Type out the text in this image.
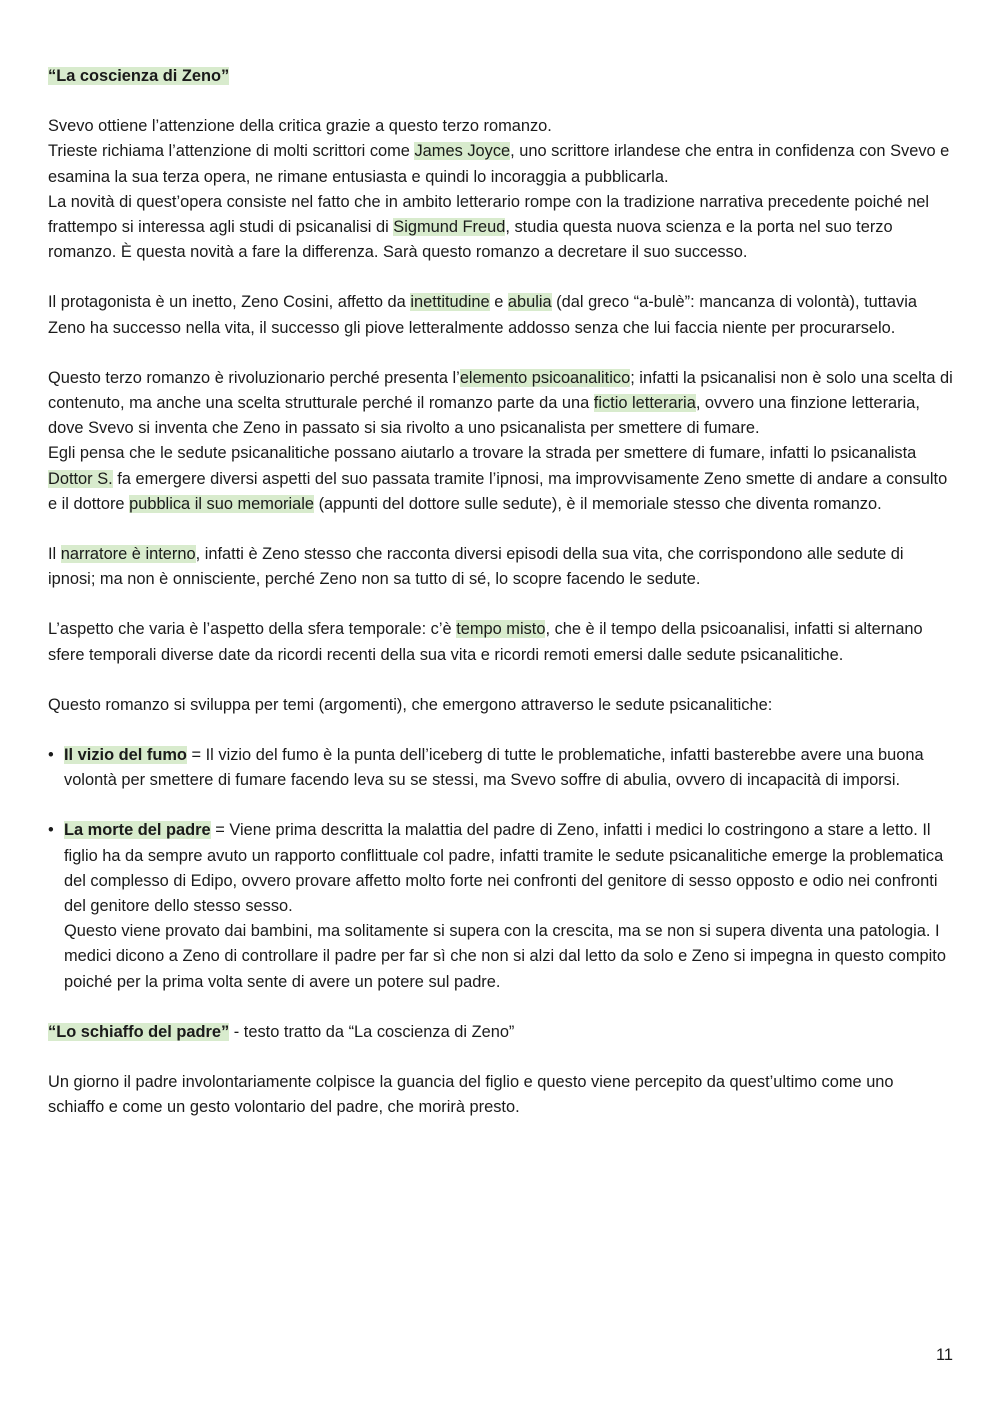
“La coscienza di Zeno”

Svevo ottiene l’attenzione della critica grazie a questo terzo romanzo.
Trieste richiama l’attenzione di molti scrittori come James Joyce, uno scrittore irlandese che entra in confidenza con Svevo e esamina la sua terza opera, ne rimane entusiasta e quindi lo incoraggia a pubblicarla.
La novità di quest’opera consiste nel fatto che in ambito letterario rompe con la tradizione narrativa precedente poiché nel frattempo si interessa agli studi di psicanalisi di Sigmund Freud, studia questa nuova scienza e la porta nel suo terzo romanzo. È questa novità a fare la differenza. Sarà questo romanzo a decretare il suo successo.

Il protagonista è un inetto, Zeno Cosini, affetto da inettitudine e abulia (dal greco “a-bulè”: mancanza di volontà), tuttavia Zeno ha successo nella vita, il successo gli piove letteralmente addosso senza che lui faccia niente per procurarselo.

Questo terzo romanzo è rivoluzionario perché presenta l’elemento psicoanalitico; infatti la psicanalisi non è solo una scelta di contenuto, ma anche una scelta strutturale perché il romanzo parte da una fictio letteraria, ovvero una finzione letteraria, dove Svevo si inventa che Zeno in passato si sia rivolto a uno psicanalista per smettere di fumare.
Egli pensa che le sedute psicanalitiche possano aiutarlo a trovare la strada per smettere di fumare, infatti lo psicanalista Dottor S. fa emergere diversi aspetti del suo passata tramite l’ipnosi, ma improvvisamente Zeno smette di andare a consulto e il dottore pubblica il suo memoriale (appunti del dottore sulle sedute), è il memoriale stesso che diventa romanzo.

Il narratore è interno, infatti è Zeno stesso che racconta diversi episodi della sua vita, che corrispondono alle sedute di ipnosi; ma non è onnisciente, perché Zeno non sa tutto di sé, lo scopre facendo le sedute.

L’aspetto che varia è l’aspetto della sfera temporale: c’è tempo misto, che è il tempo della psicoanalisi, infatti si alternano sfere temporali diverse date da ricordi recenti della sua vita e ricordi remoti emersi dalle sedute psicanalitiche.

Questo romanzo si sviluppa per temi (argomenti), che emergono attraverso le sedute psicanalitiche:

• Il vizio del fumo = Il vizio del fumo è la punta dell’iceberg di tutte le problematiche, infatti basterebbe avere una buona volontà per smettere di fumare facendo leva su se stessi, ma Svevo soffre di abulia, ovvero di incapacità di imporsi.

• La morte del padre = Viene prima descritta la malattia del padre di Zeno, infatti i medici lo costringono a stare a letto. Il figlio ha da sempre avuto un rapporto conflittuale col padre, infatti tramite le sedute psicanalitiche emerge la problematica del complesso di Edipo, ovvero provare affetto molto forte nei confronti del genitore di sesso opposto e odio nei confronti del genitore dello stesso sesso.
Questo viene provato dai bambini, ma solitamente si supera con la crescita, ma se non si supera diventa una patologia. I medici dicono a Zeno di controllare il padre per far sì che non si alzi dal letto da solo e Zeno si impegna in questo compito poiché per la prima volta sente di avere un potere sul padre.

“Lo schiaffo del padre” - testo tratto da “La coscienza di Zeno”

Un giorno il padre involontariamente colpisce la guancia del figlio e questo viene percepito da quest’ultimo come uno schiaffo e come un gesto volontario del padre, che morirà presto.

11
